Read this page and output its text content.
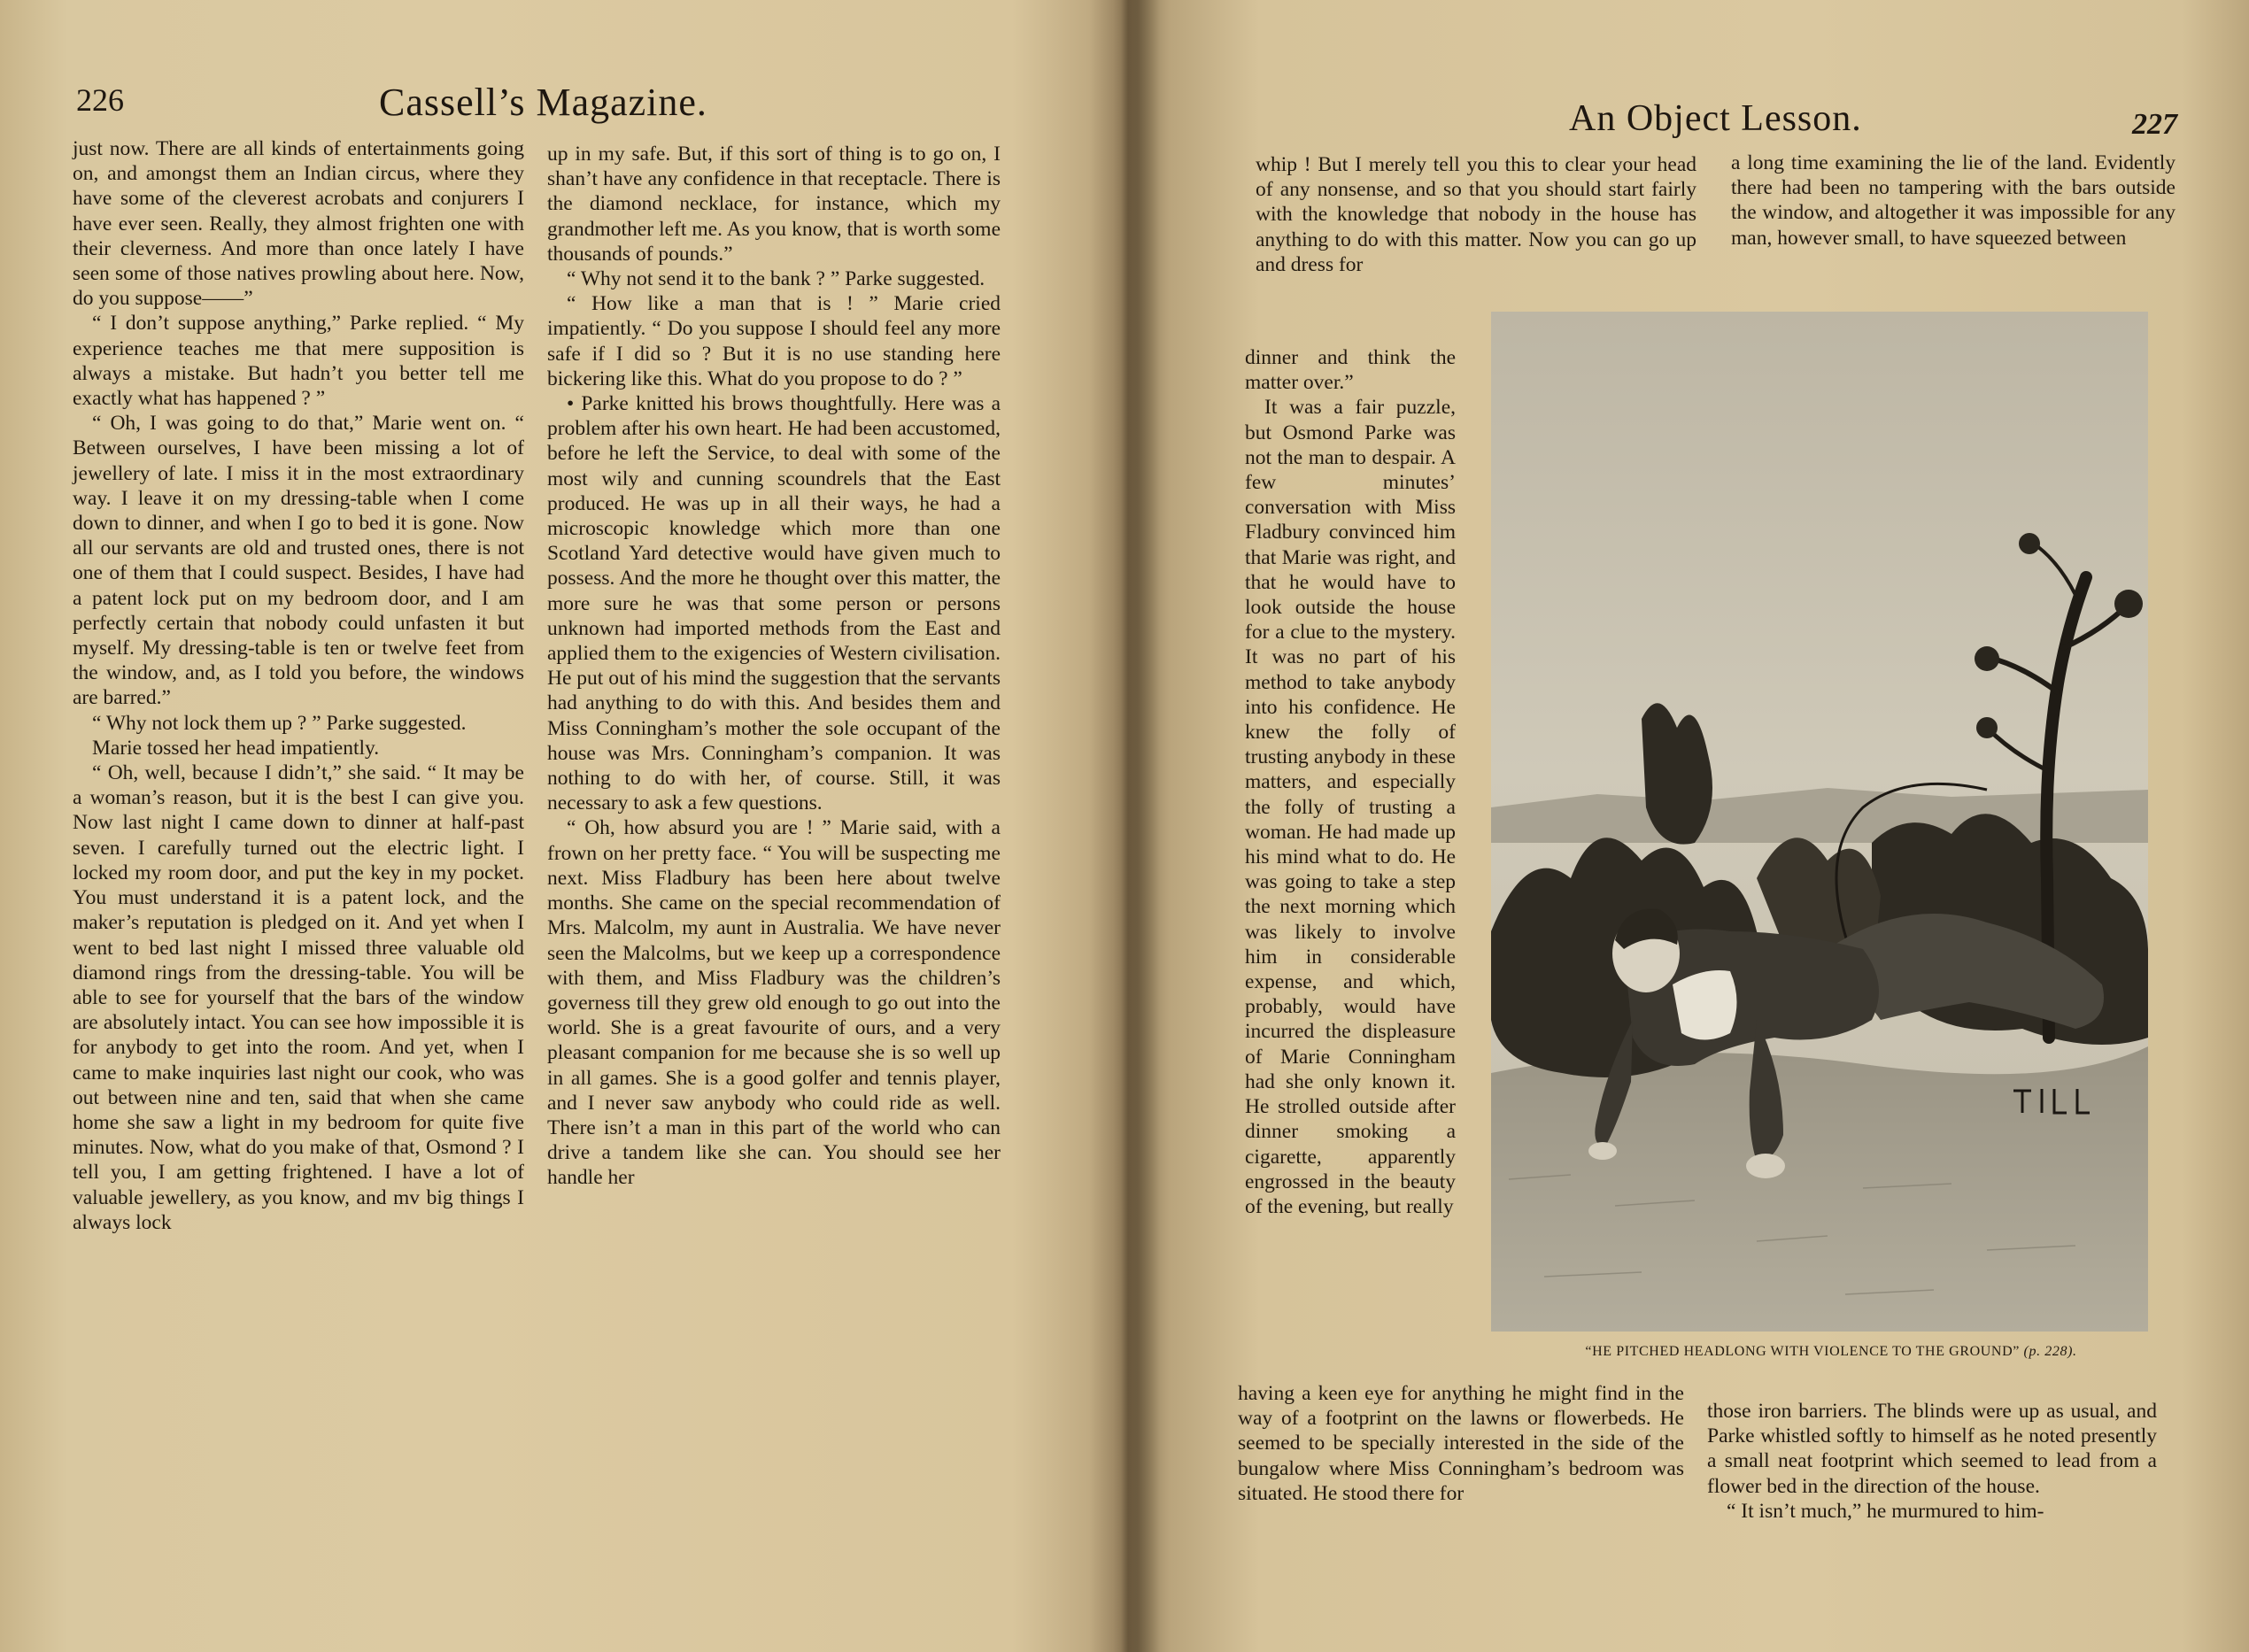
226	Cassell’s Magazine.

just now. There are all kinds of entertainments going on, and amongst them an Indian circus, where they have some of the cleverest acrobats and conjurers I have ever seen. Really, they almost frighten one with their cleverness. And more than once lately I have seen some of those natives prowling about here. Now, do you suppose——”

“ I don’t suppose anything,” Parke replied. “ My experience teaches me that mere supposition is always a mistake. But hadn’t you better tell me exactly what has happened ? ”

“ Oh, I was going to do that,” Marie went on. “ Between ourselves, I have been missing a lot of jewellery of late. I miss it in the most extraordinary way. I leave it on my dressing-table when I come down to dinner, and when I go to bed it is gone. Now all our servants are old and trusted ones, there is not one of them that I could suspect. Besides, I have had a patent lock put on my bedroom door, and I am perfectly certain that nobody could unfasten it but myself. My dressing-table is ten or twelve feet from the window, and, as I told you before, the windows are barred.”

“ Why not lock them up ? ” Parke suggested.

Marie tossed her head impatiently.

“ Oh, well, because I didn’t,” she said. “ It may be a woman’s reason, but it is the best I can give you. Now last night I came down to dinner at half-past seven. I carefully turned out the electric light. I locked my room door, and put the key in my pocket. You must understand it is a patent lock, and the maker’s reputation is pledged on it. And yet when I went to bed last night I missed three valuable old diamond rings from the dressing-table. You will be able to see for yourself that the bars of the window are absolutely intact. You can see how impossible it is for anybody to get into the room. And yet, when I came to make inquiries last night our cook, who was out between nine and ten, said that when she came home she saw a light in my bedroom for quite five minutes. Now, what do you make of that, Osmond ? I tell you, I am getting frightened. I have a lot of valuable jewellery, as you know, and mv big things I always lock

up in my safe. But, if this sort of thing is to go on, I shan’t have any confidence in that receptacle. There is the diamond necklace, for instance, which my grandmother left me. As you know, that is worth some thousands of pounds.”

“ Why not send it to the bank ? ” Parke suggested.

“ How like a man that is ! ” Marie cried impatiently. “ Do you suppose I should feel any more safe if I did so ? But it is no use standing here bickering like this. What do you propose to do ? ”

• Parke knitted his brows thoughtfully. Here was a problem after his own heart. He had been accustomed, before he left the Service, to deal with some of the most wily and cunning scoundrels that the East produced. He was up in all their ways, he had a microscopic knowledge which more than one Scotland Yard detective would have given much to possess. And the more he thought over this matter, the more sure he was that some person or persons unknown had imported methods from the East and applied them to the exigencies of Western civilisation. He put out of his mind the suggestion that the servants had anything to do with this. And besides them and Miss Conningham’s mother the sole occupant of the house was Mrs. Conningham’s companion. It was nothing to do with her, of course. Still, it was necessary to ask a few questions.

“ Oh, how absurd you are ! ” Marie said, with a frown on her pretty face. “ You will be suspecting me next. Miss Fladbury has been here about twelve months. She came on the special recommendation of Mrs. Malcolm, my aunt in Australia. We have never seen the Malcolms, but we keep up a correspondence with them, and Miss Fladbury was the children’s governess till they grew old enough to go out into the world. She is a great favourite of ours, and a very pleasant companion for me because she is so well up in all games. She is a good golfer and tennis player, and I never saw anybody who could ride as well. There isn’t a man in this part of the world who can drive a tandem like she can. You should see her handle her

An Object Lesson.	227

whip ! But I merely tell you this to clear your head of any nonsense, and so that you should start fairly with the knowledge that nobody in the house has anything to do with this matter. Now you can go up and dress for

a long time examining the lie of the land. Evidently there had been no tampering with the bars outside the window, and altogether it was impossible for any man, however small, to have squeezed between

dinner and think the matter over.”

It was a fair puzzle, but Osmond Parke was not the man to despair. A few minutes’ conversation with Miss Fladbury convinced him that Marie was right, and that he would have to look outside the house for a clue to the mystery. It was no part of his method to take anybody into his confidence. He knew the folly of trusting anybody in these matters, and especially the folly of trusting a woman. He had made up his mind what to do. He was going to take a step the next morning which was likely to involve him in considerable expense, and which, probably, would have incurred the displeasure of Marie Conningham had she only known it. He strolled outside after dinner smoking a cigarette, apparently engrossed in the beauty of the evening, but really

“HE PITCHED HEADLONG WITH VIOLENCE TO THE GROUND” (p. 228).

having a keen eye for anything he might find in the way of a footprint on the lawns or flowerbeds. He seemed to be specially interested in the side of the bungalow where Miss Conningham’s bedroom was situated. He stood there for

those iron barriers. The blinds were up as usual, and Parke whistled softly to himself as he noted presently a small neat footprint which seemed to lead from a flower bed in the direction of the house.

“ It isn’t much,” he murmured to him-
